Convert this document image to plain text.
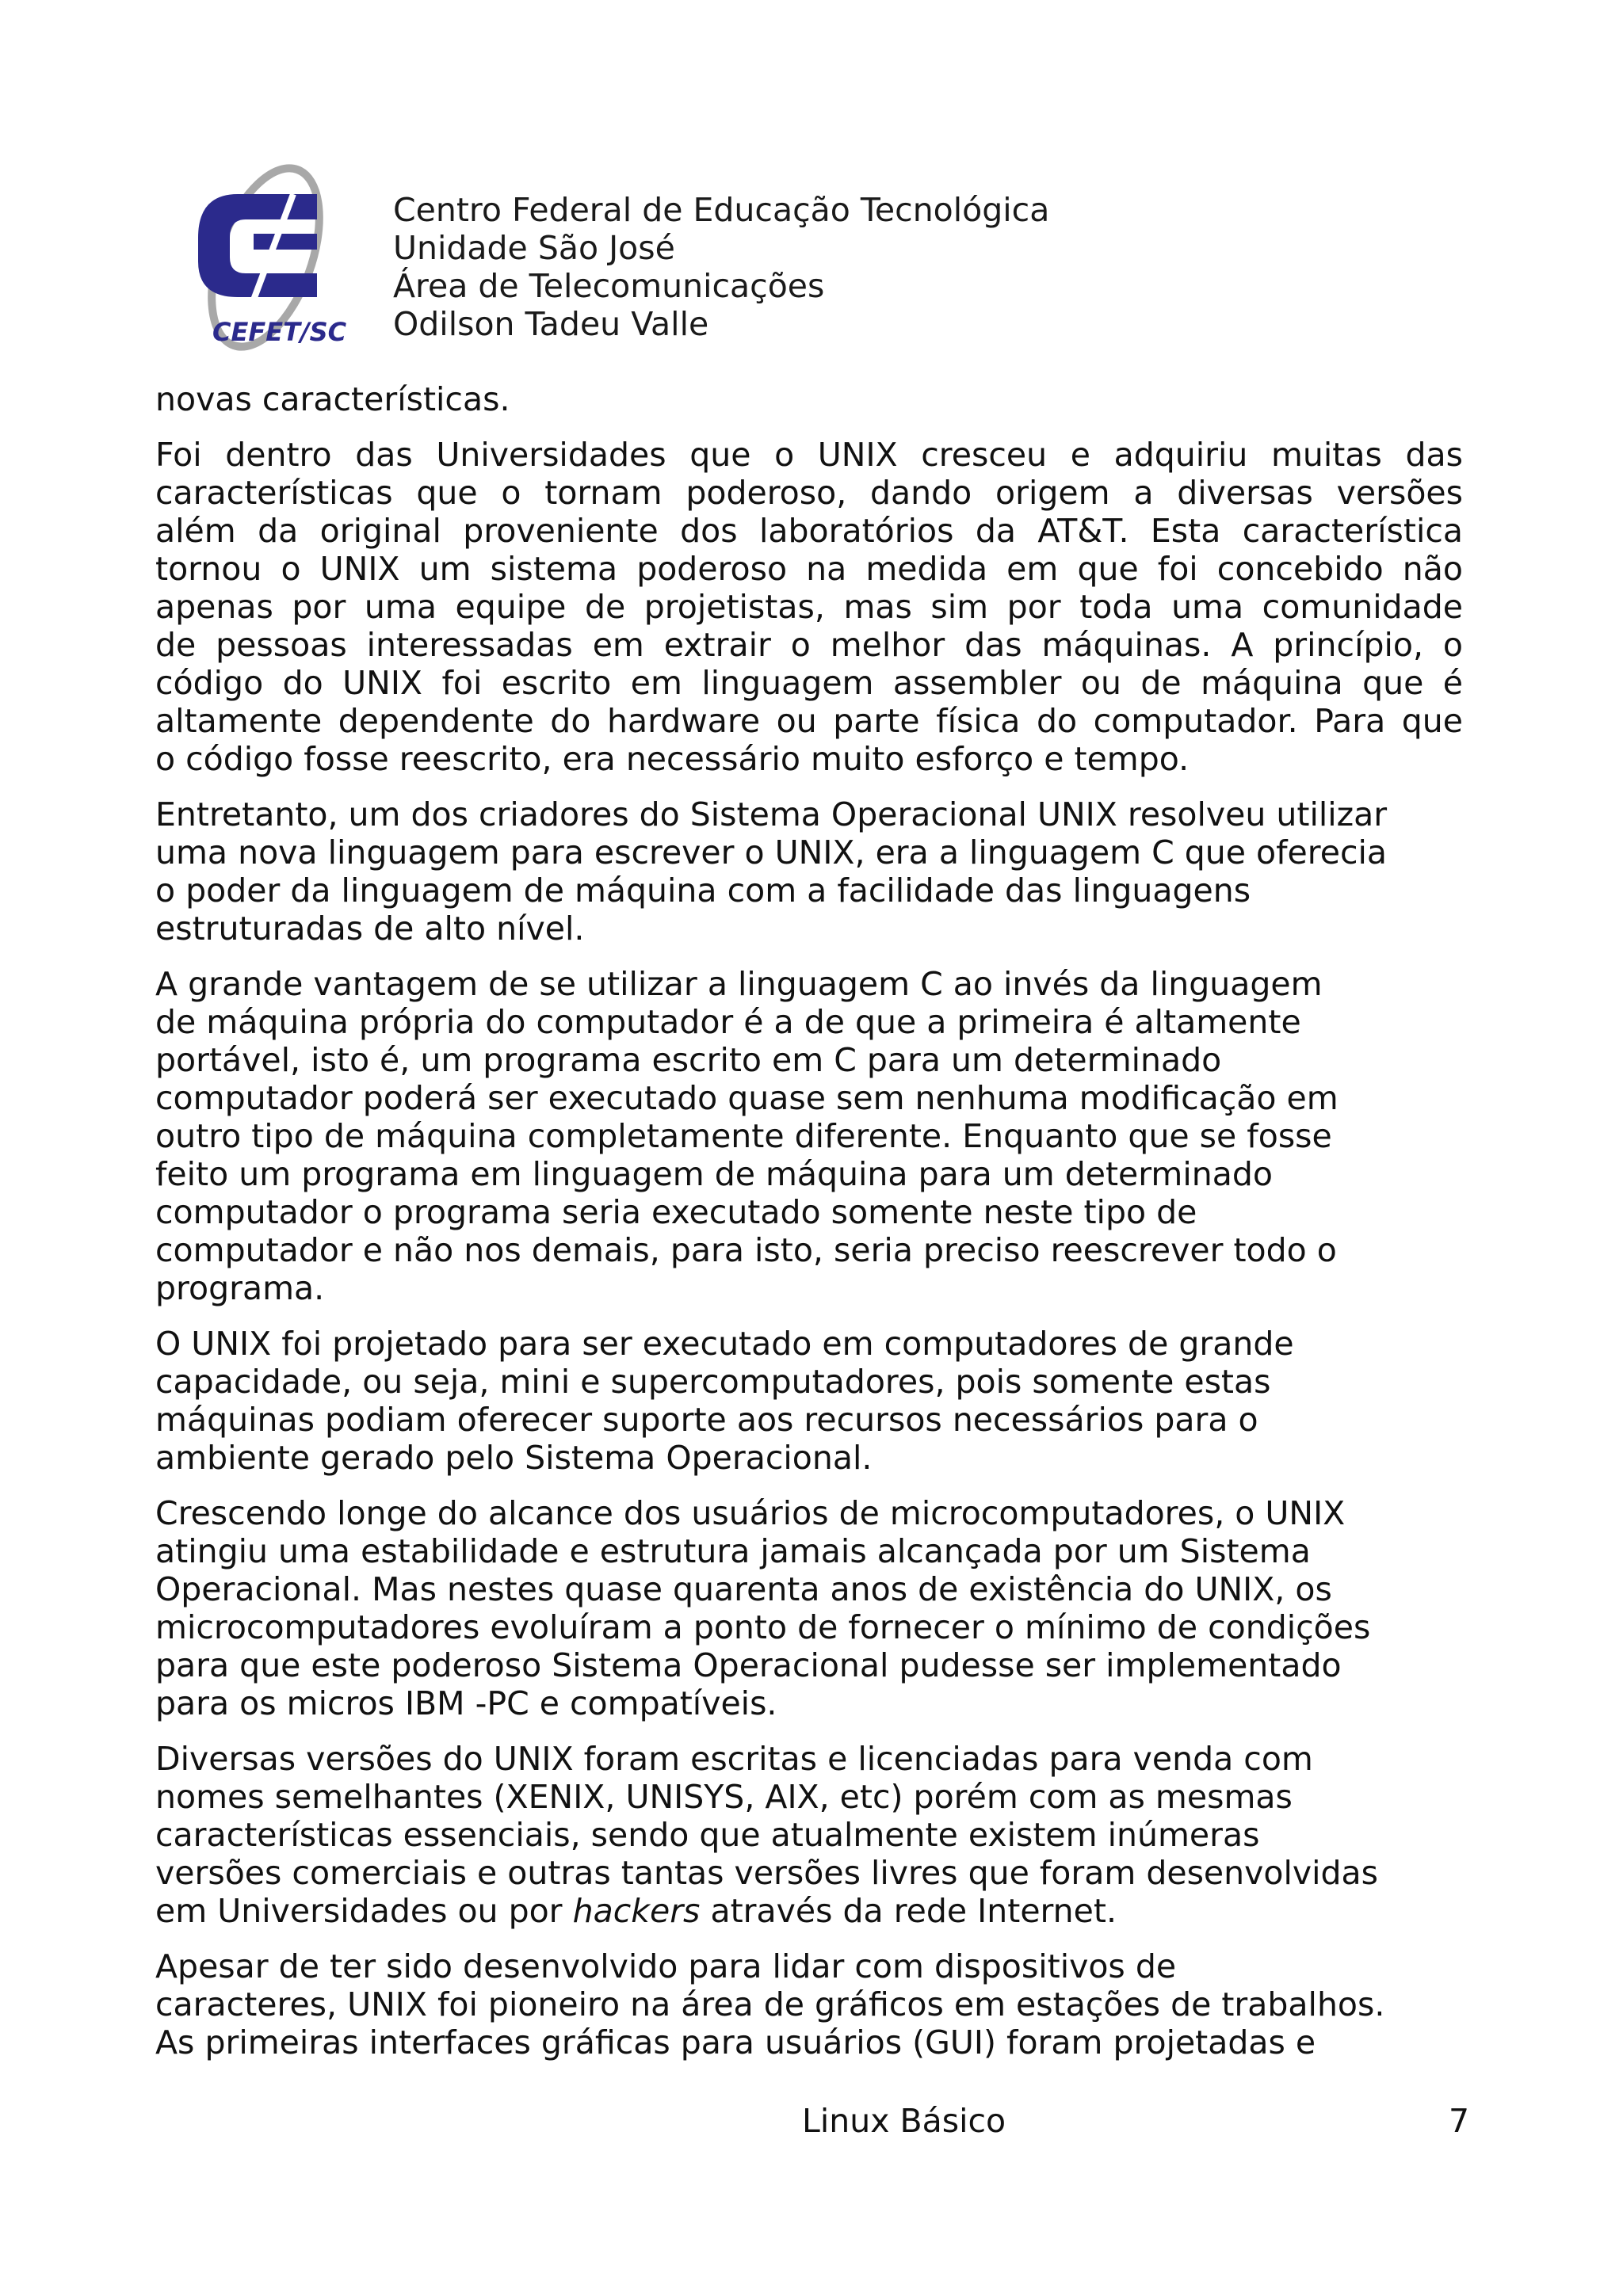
CEFET/SC
Centro Federal de Educação Tecnológica
Unidade São José
Área de Telecomunicações
Odilson Tadeu Valle

novas características.

Foi dentro das Universidades que o UNIX cresceu e adquiriu muitas das
características que o tornam poderoso, dando origem a diversas versões
além da original proveniente dos laboratórios da AT&T. Esta característica
tornou o UNIX um sistema poderoso na medida em que foi concebido não
apenas por uma equipe de projetistas, mas sim por toda uma comunidade
de pessoas interessadas em extrair o melhor das máquinas. A princípio, o
código do UNIX foi escrito em linguagem assembler ou de máquina que é
altamente dependente do hardware ou parte física do computador. Para que
o código fosse reescrito, era necessário muito esforço e tempo.

Entretanto, um dos criadores do Sistema Operacional UNIX resolveu utilizar
uma nova linguagem para escrever o UNIX, era a linguagem C que oferecia
o poder da linguagem de máquina com a facilidade das linguagens
estruturadas de alto nível.

A grande vantagem de se utilizar a linguagem C ao invés da linguagem
de máquina própria do computador é a de que a primeira é altamente
portável, isto é, um programa escrito em C para um determinado
computador poderá ser executado quase sem nenhuma modificação em
outro tipo de máquina completamente diferente. Enquanto que se fosse
feito um programa em linguagem de máquina para um determinado
computador o programa seria executado somente neste tipo de
computador e não nos demais, para isto, seria preciso reescrever todo o
programa.

O UNIX foi projetado para ser executado em computadores de grande
capacidade, ou seja, mini e supercomputadores, pois somente estas
máquinas podiam oferecer suporte aos recursos necessários para o
ambiente gerado pelo Sistema Operacional.

Crescendo longe do alcance dos usuários de microcomputadores, o UNIX
atingiu uma estabilidade e estrutura jamais alcançada por um Sistema
Operacional. Mas nestes quase quarenta anos de existência do UNIX, os
microcomputadores evoluíram a ponto de fornecer o mínimo de condições
para que este poderoso Sistema Operacional pudesse ser implementado
para os micros IBM -PC e compatíveis.

Diversas versões do UNIX foram escritas e licenciadas para venda com
nomes semelhantes (XENIX, UNISYS, AIX, etc) porém com as mesmas
características essenciais, sendo que atualmente existem inúmeras
versões comerciais e outras tantas versões livres que foram desenvolvidas
em Universidades ou por hackers através da rede Internet.

Apesar de ter sido desenvolvido para lidar com dispositivos de
caracteres, UNIX foi pioneiro na área de gráficos em estações de trabalhos.
As primeiras interfaces gráficas para usuários (GUI) foram projetadas e

Linux Básico	7
